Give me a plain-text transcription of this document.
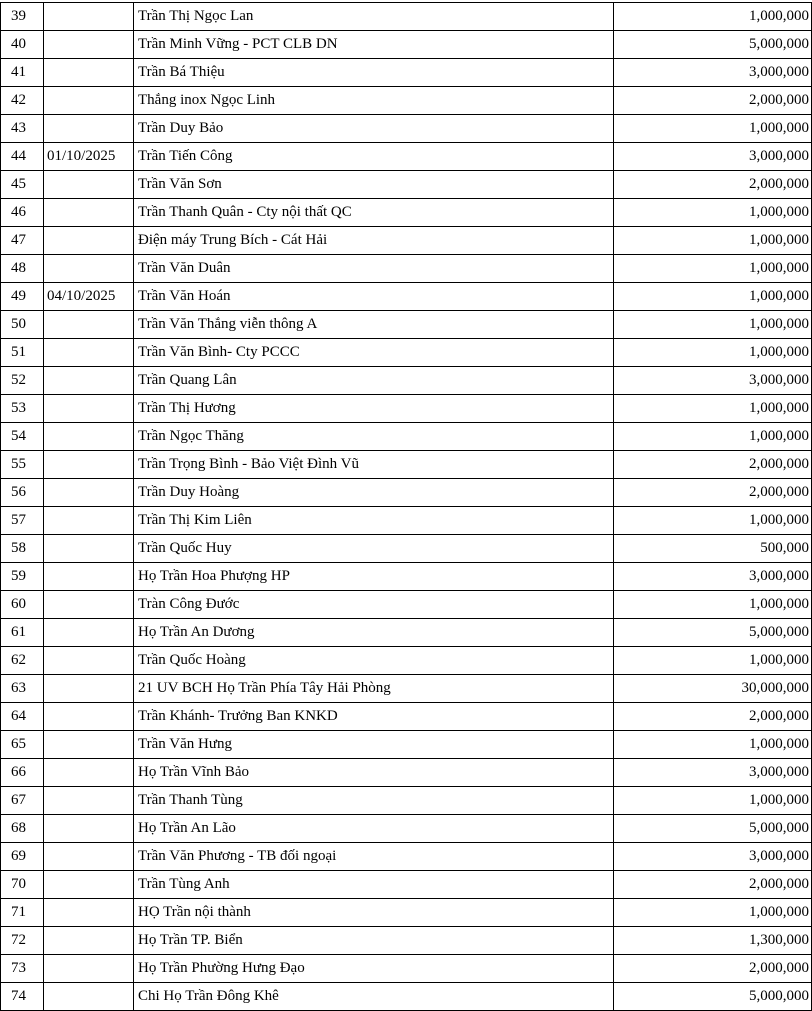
39		Trần Thị Ngọc Lan	1,000,000
40		Trần Minh Vững - PCT CLB DN	5,000,000
41		Trần Bá Thiệu	3,000,000
42		Thắng inox Ngọc Linh	2,000,000
43		Trần Duy Bảo	1,000,000
44	01/10/2025	Trần Tiến Công	3,000,000
45		Trần Văn Sơn	2,000,000
46		Trần Thanh Quân - Cty nội thất QC	1,000,000
47		Điện máy Trung Bích - Cát Hải	1,000,000
48		Trần Văn Duân	1,000,000
49	04/10/2025	Trần Văn Hoán	1,000,000
50		Trần Văn Thắng viễn thông A	1,000,000
51		Trần Văn Bình- Cty PCCC	1,000,000
52		Trần Quang Lân	3,000,000
53		Trần Thị Hương	1,000,000
54		Trần Ngọc Thăng	1,000,000
55		Trần Trọng Bình - Bảo Việt Đình Vũ	2,000,000
56		Trần Duy Hoàng	2,000,000
57		Trần Thị Kim Liên	1,000,000
58		Trần Quốc Huy	500,000
59		Họ Trần Hoa Phượng HP	3,000,000
60		Tràn Công Đước	1,000,000
61		Họ Trần An Dương	5,000,000
62		Trần Quốc Hoàng	1,000,000
63		21 UV BCH Họ Trần Phía Tây Hải Phòng	30,000,000
64		Trần Khánh- Trưởng Ban KNKD	2,000,000
65		Trần Văn Hưng	1,000,000
66		Họ Trần Vĩnh Bảo	3,000,000
67		Trần Thanh Tùng	1,000,000
68		Họ Trần An Lão	5,000,000
69		Trần Văn Phương - TB đối ngoại	3,000,000
70		Trần Tùng Anh	2,000,000
71		HỌ Trần nội thành	1,000,000
72		Họ Trần TP. Biển	1,300,000
73		Họ Trần Phường Hưng Đạo	2,000,000
74		Chi Họ Trần Đông Khê	5,000,000
